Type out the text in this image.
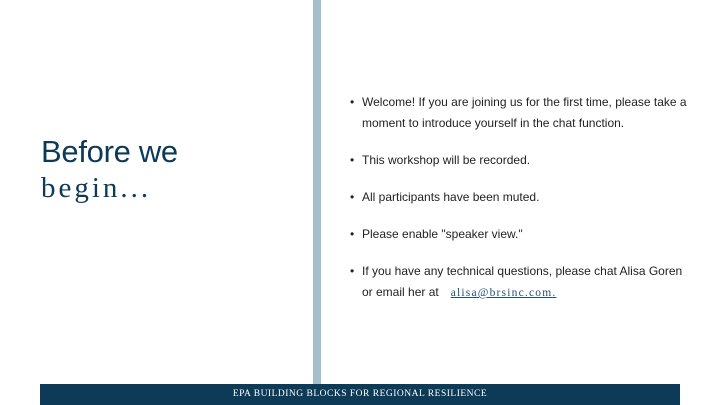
Before we
begin...
• Welcome! If you are joining us for the first time, please take a moment to introduce yourself in the chat function.
• This workshop will be recorded.
• All participants have been muted.
• Please enable "speaker view."
• If you have any technical questions, please chat Alisa Goren or email her at alisa@brsinc.com.
EPA BUILDING BLOCKS FOR REGIONAL RESILIENCE
